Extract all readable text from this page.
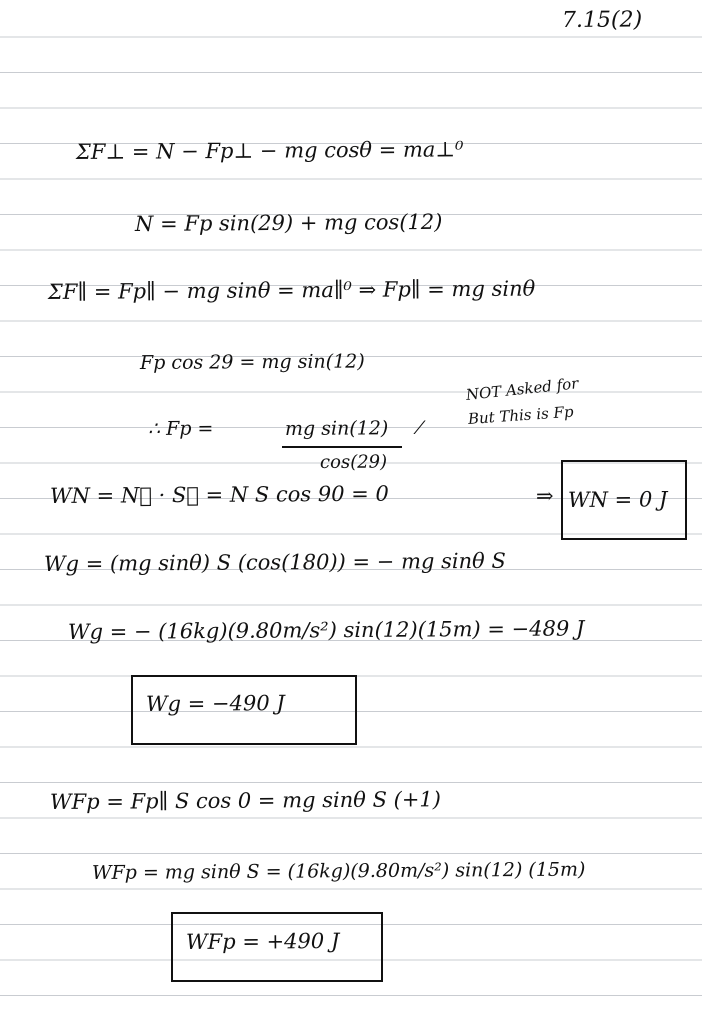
7.15(2)
ΣF⊥ = N − Fp⊥ − mg cosθ = ma⊥⁰
N = Fp sin(29) + mg cos(12)
ΣF∥ = Fp∥ − mg sinθ = ma∥⁰ ⇒ Fp∥ = mg sinθ
Fp cos 29 = mg sin(12)
∴ Fp =	mg sin(12)
cos(29)
⁄
NOT Asked for
But This is Fp
WN = N⃗ · S⃗ = N S cos 90 = 0	⇒ WN = 0 J
Wg = (mg sinθ) S (cos(180)) = − mg sinθ S
Wg = − (16kg)(9.80m/s²) sin(12)(15m) = −489 J
Wg = −490 J
WFp = Fp∥ S cos 0 = mg sinθ S (+1)
WFp = mg sinθ S = (16kg)(9.80m/s²) sin(12) (15m)
WFp = +490 J
